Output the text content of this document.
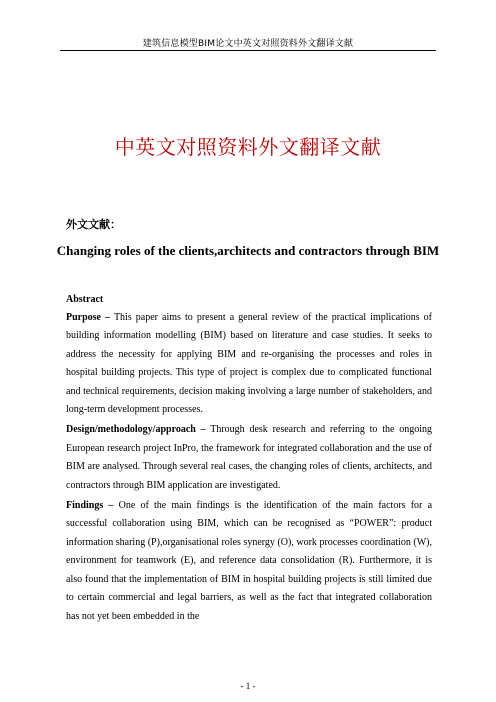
建筑信息模型BIM论文中英文对照资料外文翻译文献
中英文对照资料外文翻译文献
外文文献：
Changing roles of the clients,architects and contractors through BIM
Abstract

Purpose – This paper aims to present a general review of the practical implications of building information modelling (BIM) based on literature and case studies. It seeks to address the necessity for applying BIM and re-organising the processes and roles in hospital building projects. This type of project is complex due to complicated functional and technical requirements, decision making involving a large number of stakeholders, and long-term development processes.

Design/methodology/approach – Through desk research and referring to the ongoing European research project InPro, the framework for integrated collaboration and the use of BIM are analysed. Through several real cases, the changing roles of clients, architects, and contractors through BIM application are investigated.

Findings – One of the main findings is the identification of the main factors for a successful collaboration using BIM, which can be recognised as “POWER”: product information sharing (P),organisational roles synergy (O), work processes coordination (W), environment for teamwork (E), and reference data consolidation (R). Furthermore, it is also found that the implementation of BIM in hospital building projects is still limited due to certain commercial and legal barriers, as well as the fact that integrated collaboration has not yet been embedded in the

- 1 -
